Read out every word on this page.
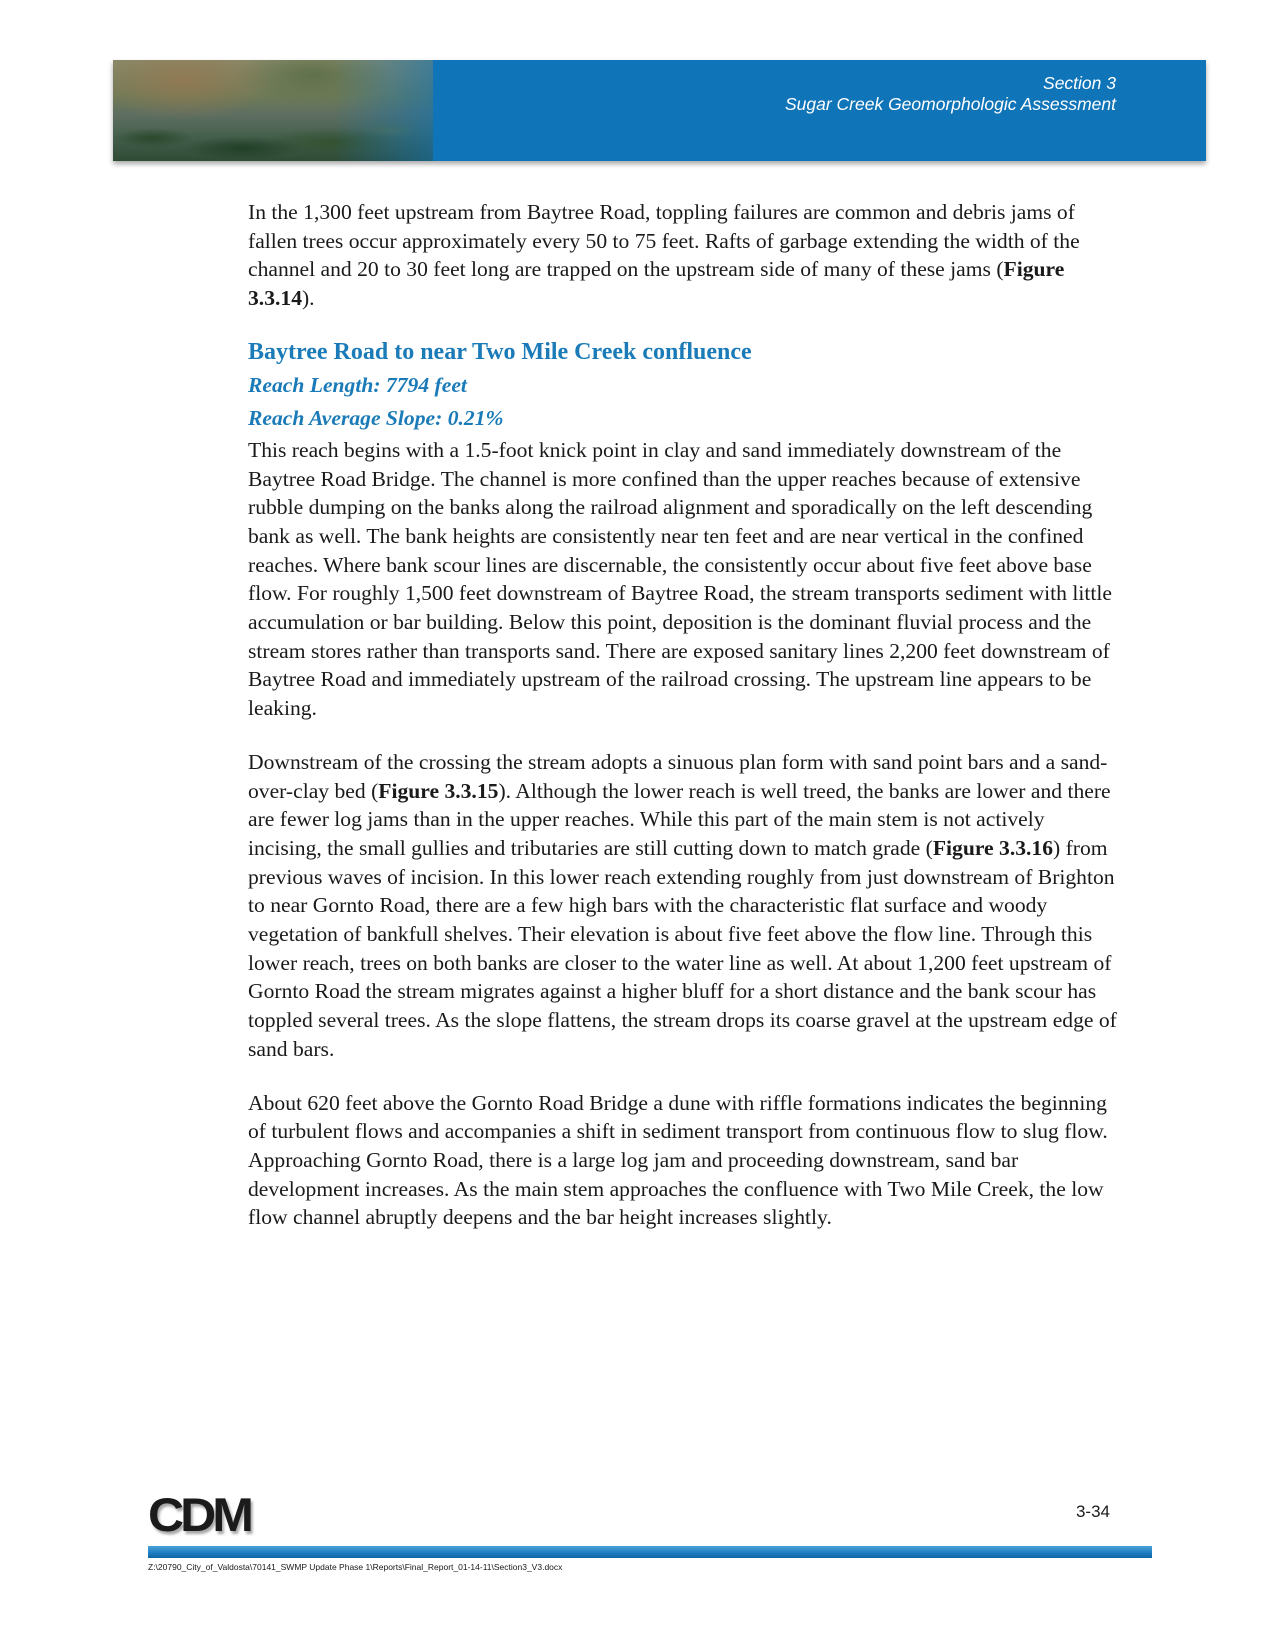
Section 3
Sugar Creek Geomorphologic Assessment

In the 1,300 feet upstream from Baytree Road, toppling failures are common and debris jams of fallen trees occur approximately every 50 to 75 feet. Rafts of garbage extending the width of the channel and 20 to 30 feet long are trapped on the upstream side of many of these jams (Figure 3.3.14).

Baytree Road to near Two Mile Creek confluence

Reach Length: 7794 feet

Reach Average Slope: 0.21%

This reach begins with a 1.5-foot knick point in clay and sand immediately downstream of the Baytree Road Bridge. The channel is more confined than the upper reaches because of extensive rubble dumping on the banks along the railroad alignment and sporadically on the left descending bank as well. The bank heights are consistently near ten feet and are near vertical in the confined reaches. Where bank scour lines are discernable, the consistently occur about five feet above base flow. For roughly 1,500 feet downstream of Baytree Road, the stream transports sediment with little accumulation or bar building. Below this point, deposition is the dominant fluvial process and the stream stores rather than transports sand. There are exposed sanitary lines 2,200 feet downstream of Baytree Road and immediately upstream of the railroad crossing. The upstream line appears to be leaking.

Downstream of the crossing the stream adopts a sinuous plan form with sand point bars and a sand-over-clay bed (Figure 3.3.15). Although the lower reach is well treed, the banks are lower and there are fewer log jams than in the upper reaches. While this part of the main stem is not actively incising, the small gullies and tributaries are still cutting down to match grade (Figure 3.3.16) from previous waves of incision. In this lower reach extending roughly from just downstream of Brighton to near Gornto Road, there are a few high bars with the characteristic flat surface and woody vegetation of bankfull shelves. Their elevation is about five feet above the flow line. Through this lower reach, trees on both banks are closer to the water line as well. At about 1,200 feet upstream of Gornto Road the stream migrates against a higher bluff for a short distance and the bank scour has toppled several trees. As the slope flattens, the stream drops its coarse gravel at the upstream edge of sand bars.

About 620 feet above the Gornto Road Bridge a dune with riffle formations indicates the beginning of turbulent flows and accompanies a shift in sediment transport from continuous flow to slug flow. Approaching Gornto Road, there is a large log jam and proceeding downstream, sand bar development increases. As the main stem approaches the confluence with Two Mile Creek, the low flow channel abruptly deepens and the bar height increases slightly.

CDM	3-34
Z:\20790_City_of_Valdosta\70141_SWMP Update Phase 1\Reports\Final_Report_01-14-11\Section3_V3.docx
